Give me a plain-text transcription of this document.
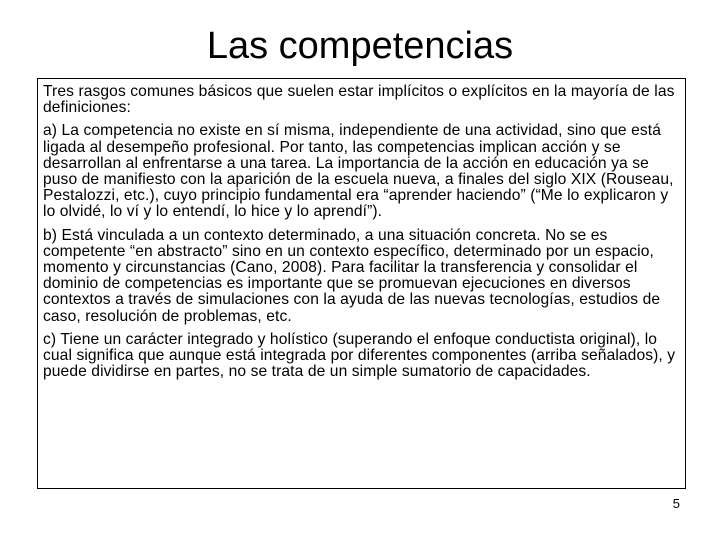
Las competencias

Tres rasgos comunes básicos que suelen estar implícitos o explícitos en la mayoría de las definiciones:

a) La competencia no existe en sí misma, independiente de una actividad, sino que está ligada al desempeño profesional. Por tanto, las competencias implican acción y se desarrollan al enfrentarse a una tarea. La importancia de la acción en educación ya se puso de manifiesto con la aparición de la escuela nueva, a finales del siglo XIX (Rouseau, Pestalozzi, etc.), cuyo principio fundamental era “aprender haciendo” (“Me lo explicaron y lo olvidé, lo ví y lo entendí, lo hice y lo aprendí”).

b) Está vinculada a un contexto determinado, a una situación concreta. No se es competente “en abstracto” sino en un contexto específico, determinado por un espacio, momento y circunstancias (Cano, 2008). Para facilitar la transferencia y consolidar el dominio de competencias es importante que se promuevan ejecuciones en diversos contextos a través de simulaciones con la ayuda de las nuevas tecnologías, estudios de caso, resolución de problemas, etc.

c) Tiene un carácter integrado y holístico (superando el enfoque conductista original), lo cual significa que aunque está integrada por diferentes componentes (arriba señalados), y puede dividirse en partes, no se trata de un simple sumatorio de capacidades.

5
